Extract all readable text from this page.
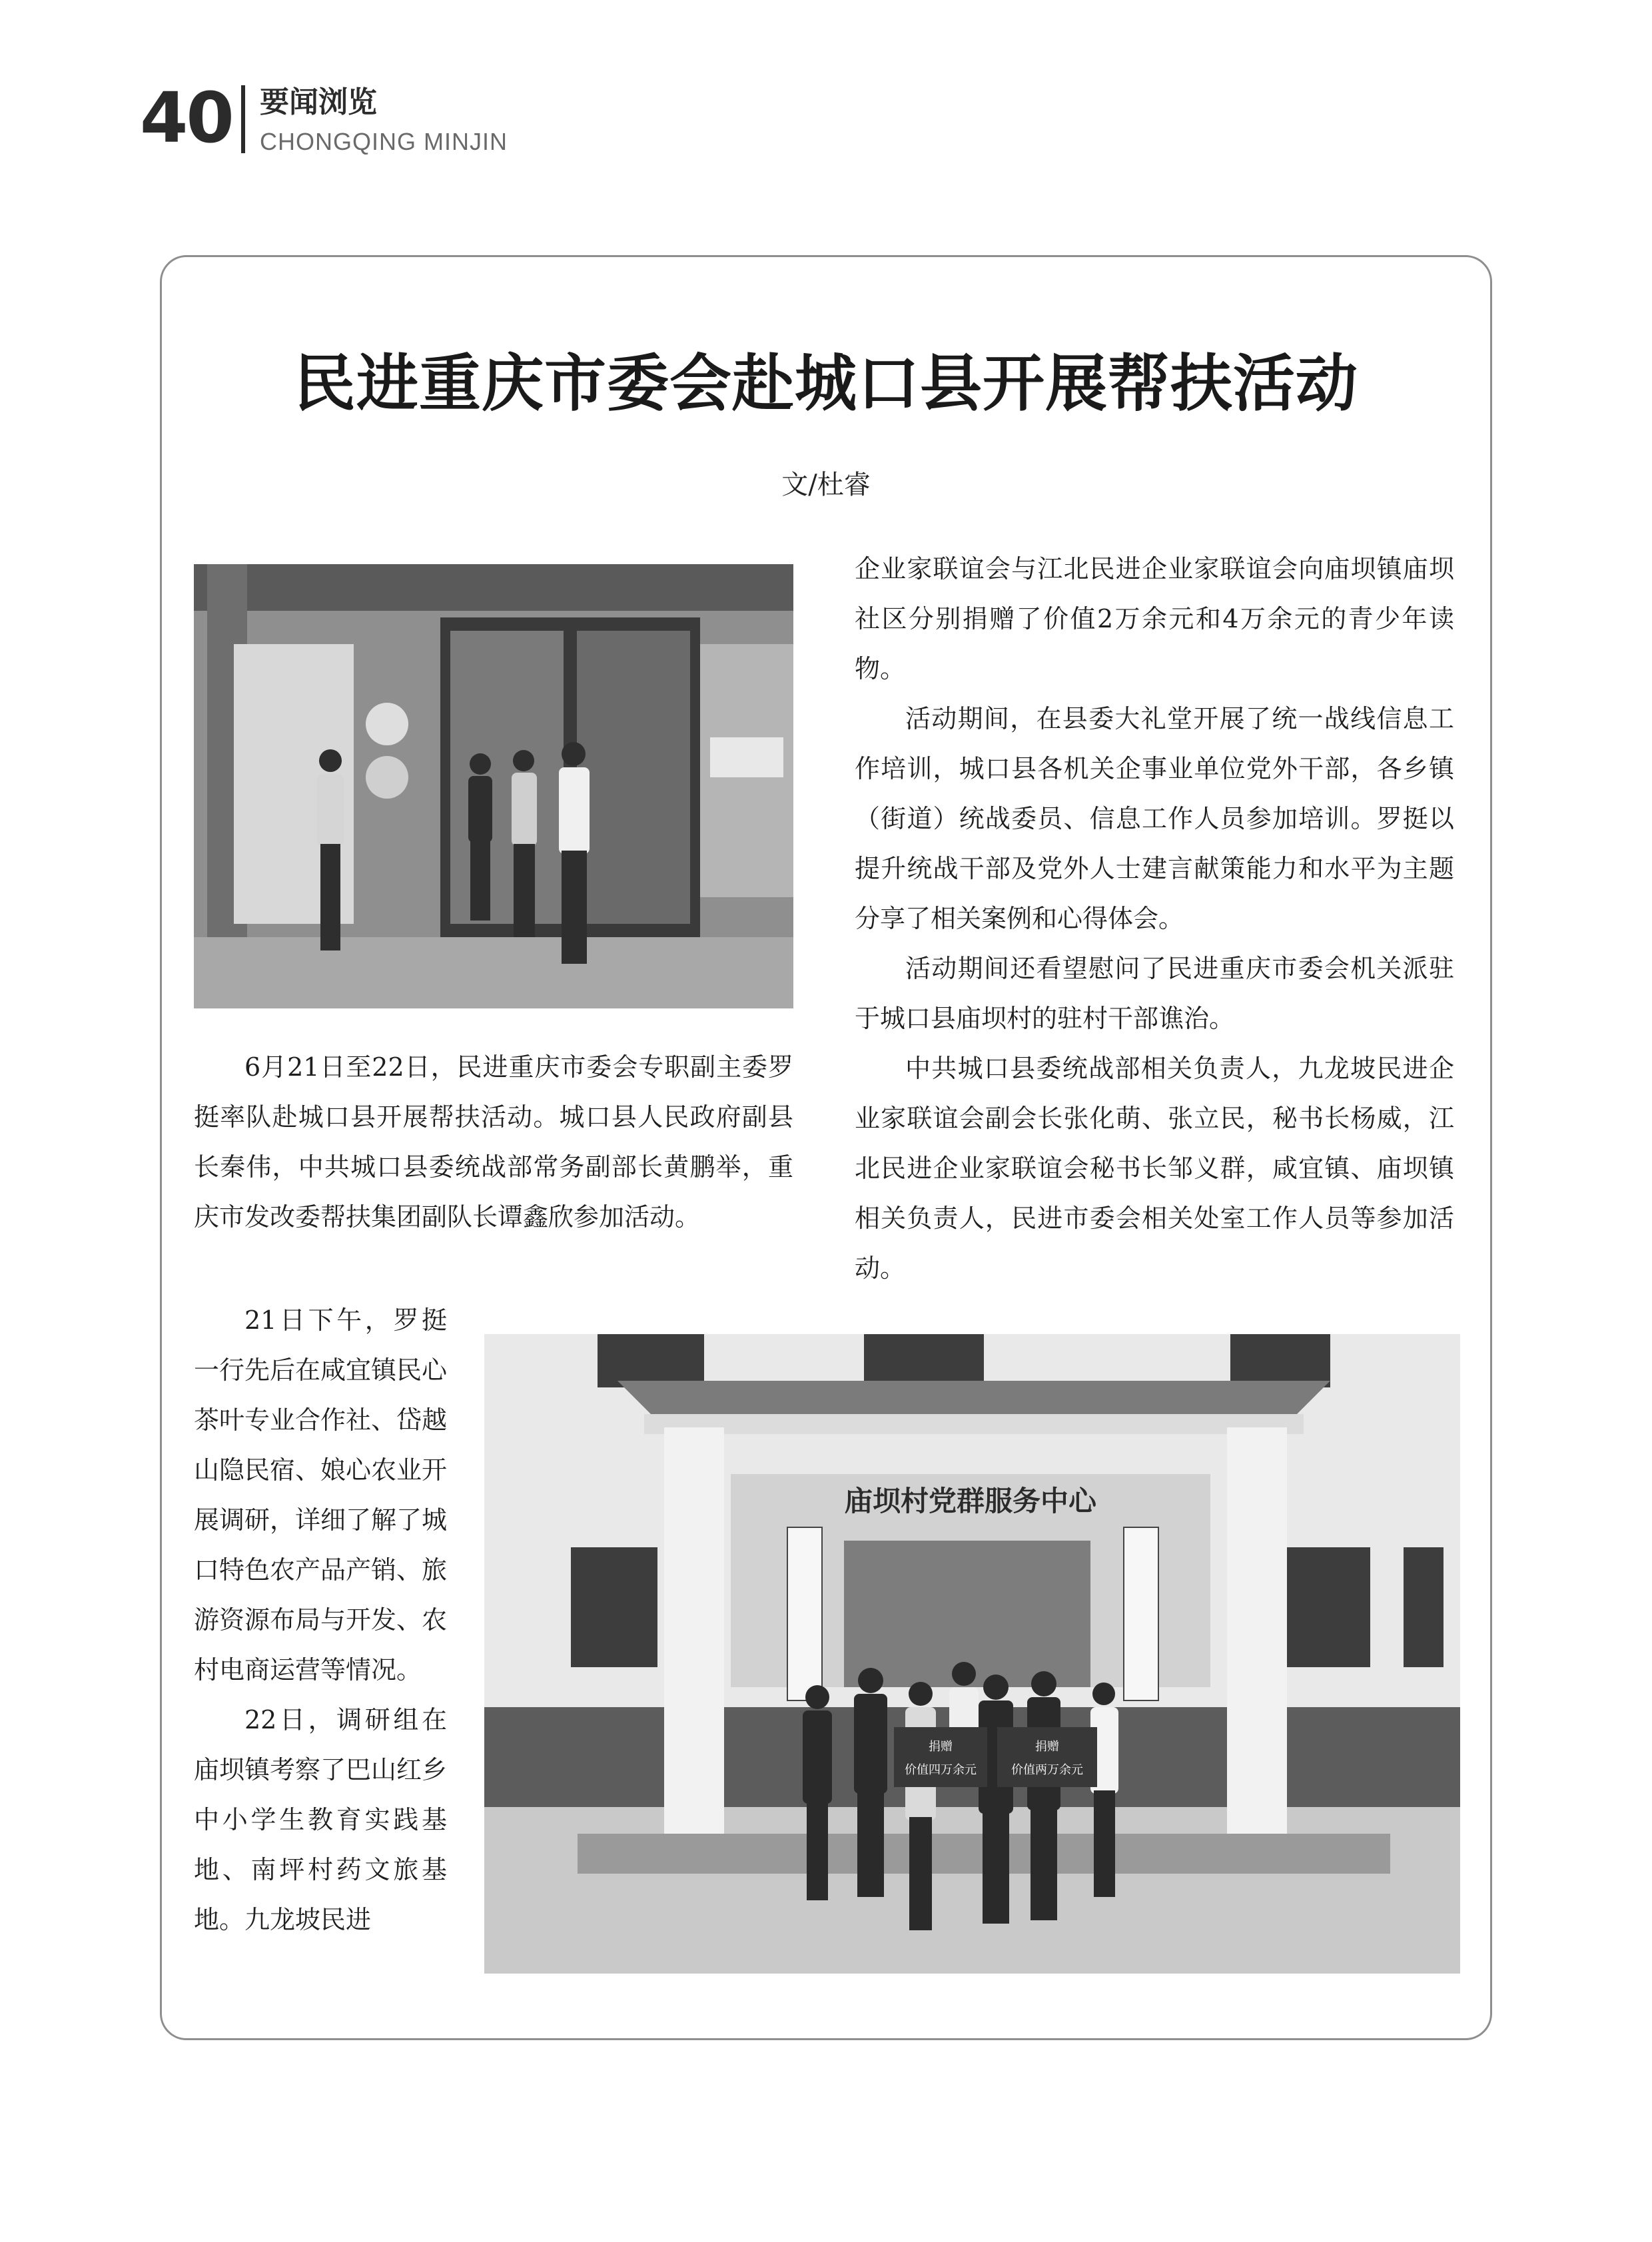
40 要闻浏览
CHONGQING MINJIN
民进重庆市委会赴城口县开展帮扶活动
文/杜睿

6月21日至22日，民进重庆市委会专职副主委罗挺率队赴城口县开展帮扶活动。城口县人民政府副县长秦伟，中共城口县委统战部常务副部长黄鹏举，重庆市发改委帮扶集团副队长谭鑫欣参加活动。

21日下午，罗挺一行先后在咸宜镇民心茶叶专业合作社、岱越山隐民宿、娘心农业开展调研，详细了解了城口特色农产品产销、旅游资源布局与开发、农村电商运营等情况。

22日，调研组在庙坝镇考察了巴山红乡中小学生教育实践基地、南坪村药文旅基地。九龙坡民进

企业家联谊会与江北民进企业家联谊会向庙坝镇庙坝社区分别捐赠了价值2万余元和4万余元的青少年读物。

活动期间，在县委大礼堂开展了统一战线信息工作培训，城口县各机关企事业单位党外干部，各乡镇（街道）统战委员、信息工作人员参加培训。罗挺以提升统战干部及党外人士建言献策能力和水平为主题分享了相关案例和心得体会。

活动期间还看望慰问了民进重庆市委会机关派驻于城口县庙坝村的驻村干部谯治。

中共城口县委统战部相关负责人，九龙坡民进企业家联谊会副会长张化萌、张立民，秘书长杨威，江北民进企业家联谊会秘书长邹义群，咸宜镇、庙坝镇相关负责人，民进市委会相关处室工作人员等参加活动。

庙坝村党群服务中心
捐赠
价值四万余元
捐赠
价值两万余元
